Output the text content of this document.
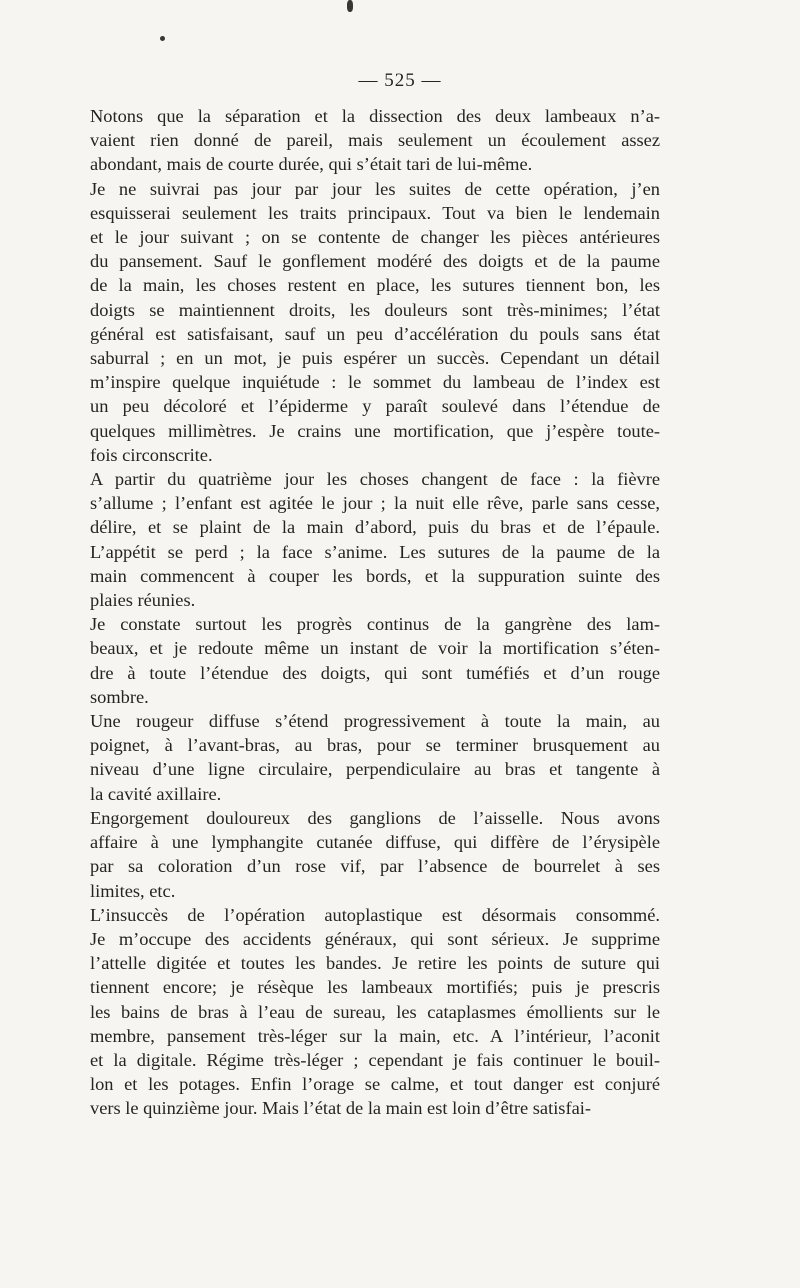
— 525 —

Notons que la séparation et la dissection des deux lambeaux n’a-
vaient rien donné de pareil, mais seulement un écoulement assez
abondant, mais de courte durée, qui s’était tari de lui-même.

Je ne suivrai pas jour par jour les suites de cette opération, j’en
esquisserai seulement les traits principaux. Tout va bien le lendemain
et le jour suivant ; on se contente de changer les pièces antérieures
du pansement. Sauf le gonflement modéré des doigts et de la paume
de la main, les choses restent en place, les sutures tiennent bon, les
doigts se maintiennent droits, les douleurs sont très-minimes; l’état
général est satisfaisant, sauf un peu d’accélération du pouls sans état
saburral ; en un mot, je puis espérer un succès. Cependant un détail
m’inspire quelque inquiétude : le sommet du lambeau de l’index est
un peu décoloré et l’épiderme y paraît soulevé dans l’étendue de
quelques millimètres. Je crains une mortification, que j’espère toute-
fois circonscrite.

A partir du quatrième jour les choses changent de face : la fièvre
s’allume ; l’enfant est agitée le jour ; la nuit elle rêve, parle sans cesse,
délire, et se plaint de la main d’abord, puis du bras et de l’épaule.
L’appétit se perd ; la face s’anime. Les sutures de la paume de la
main commencent à couper les bords, et la suppuration suinte des
plaies réunies.

Je constate surtout les progrès continus de la gangrène des lam-
beaux, et je redoute même un instant de voir la mortification s’éten-
dre à toute l’étendue des doigts, qui sont tuméfiés et d’un rouge
sombre.

Une rougeur diffuse s’étend progressivement à toute la main, au
poignet, à l’avant-bras, au bras, pour se terminer brusquement au
niveau d’une ligne circulaire, perpendiculaire au bras et tangente à
la cavité axillaire.

Engorgement douloureux des ganglions de l’aisselle. Nous avons
affaire à une lymphangite cutanée diffuse, qui diffère de l’érysipèle
par sa coloration d’un rose vif, par l’absence de bourrelet à ses
limites, etc.

L’insuccès de l’opération autoplastique est désormais consommé.
Je m’occupe des accidents généraux, qui sont sérieux. Je supprime
l’attelle digitée et toutes les bandes. Je retire les points de suture qui
tiennent encore; je résèque les lambeaux mortifiés; puis je prescris
les bains de bras à l’eau de sureau, les cataplasmes émollients sur le
membre, pansement très-léger sur la main, etc. A l’intérieur, l’aconit
et la digitale. Régime très-léger ; cependant je fais continuer le bouil-
lon et les potages. Enfin l’orage se calme, et tout danger est conjuré
vers le quinzième jour. Mais l’état de la main est loin d’être satisfai-
